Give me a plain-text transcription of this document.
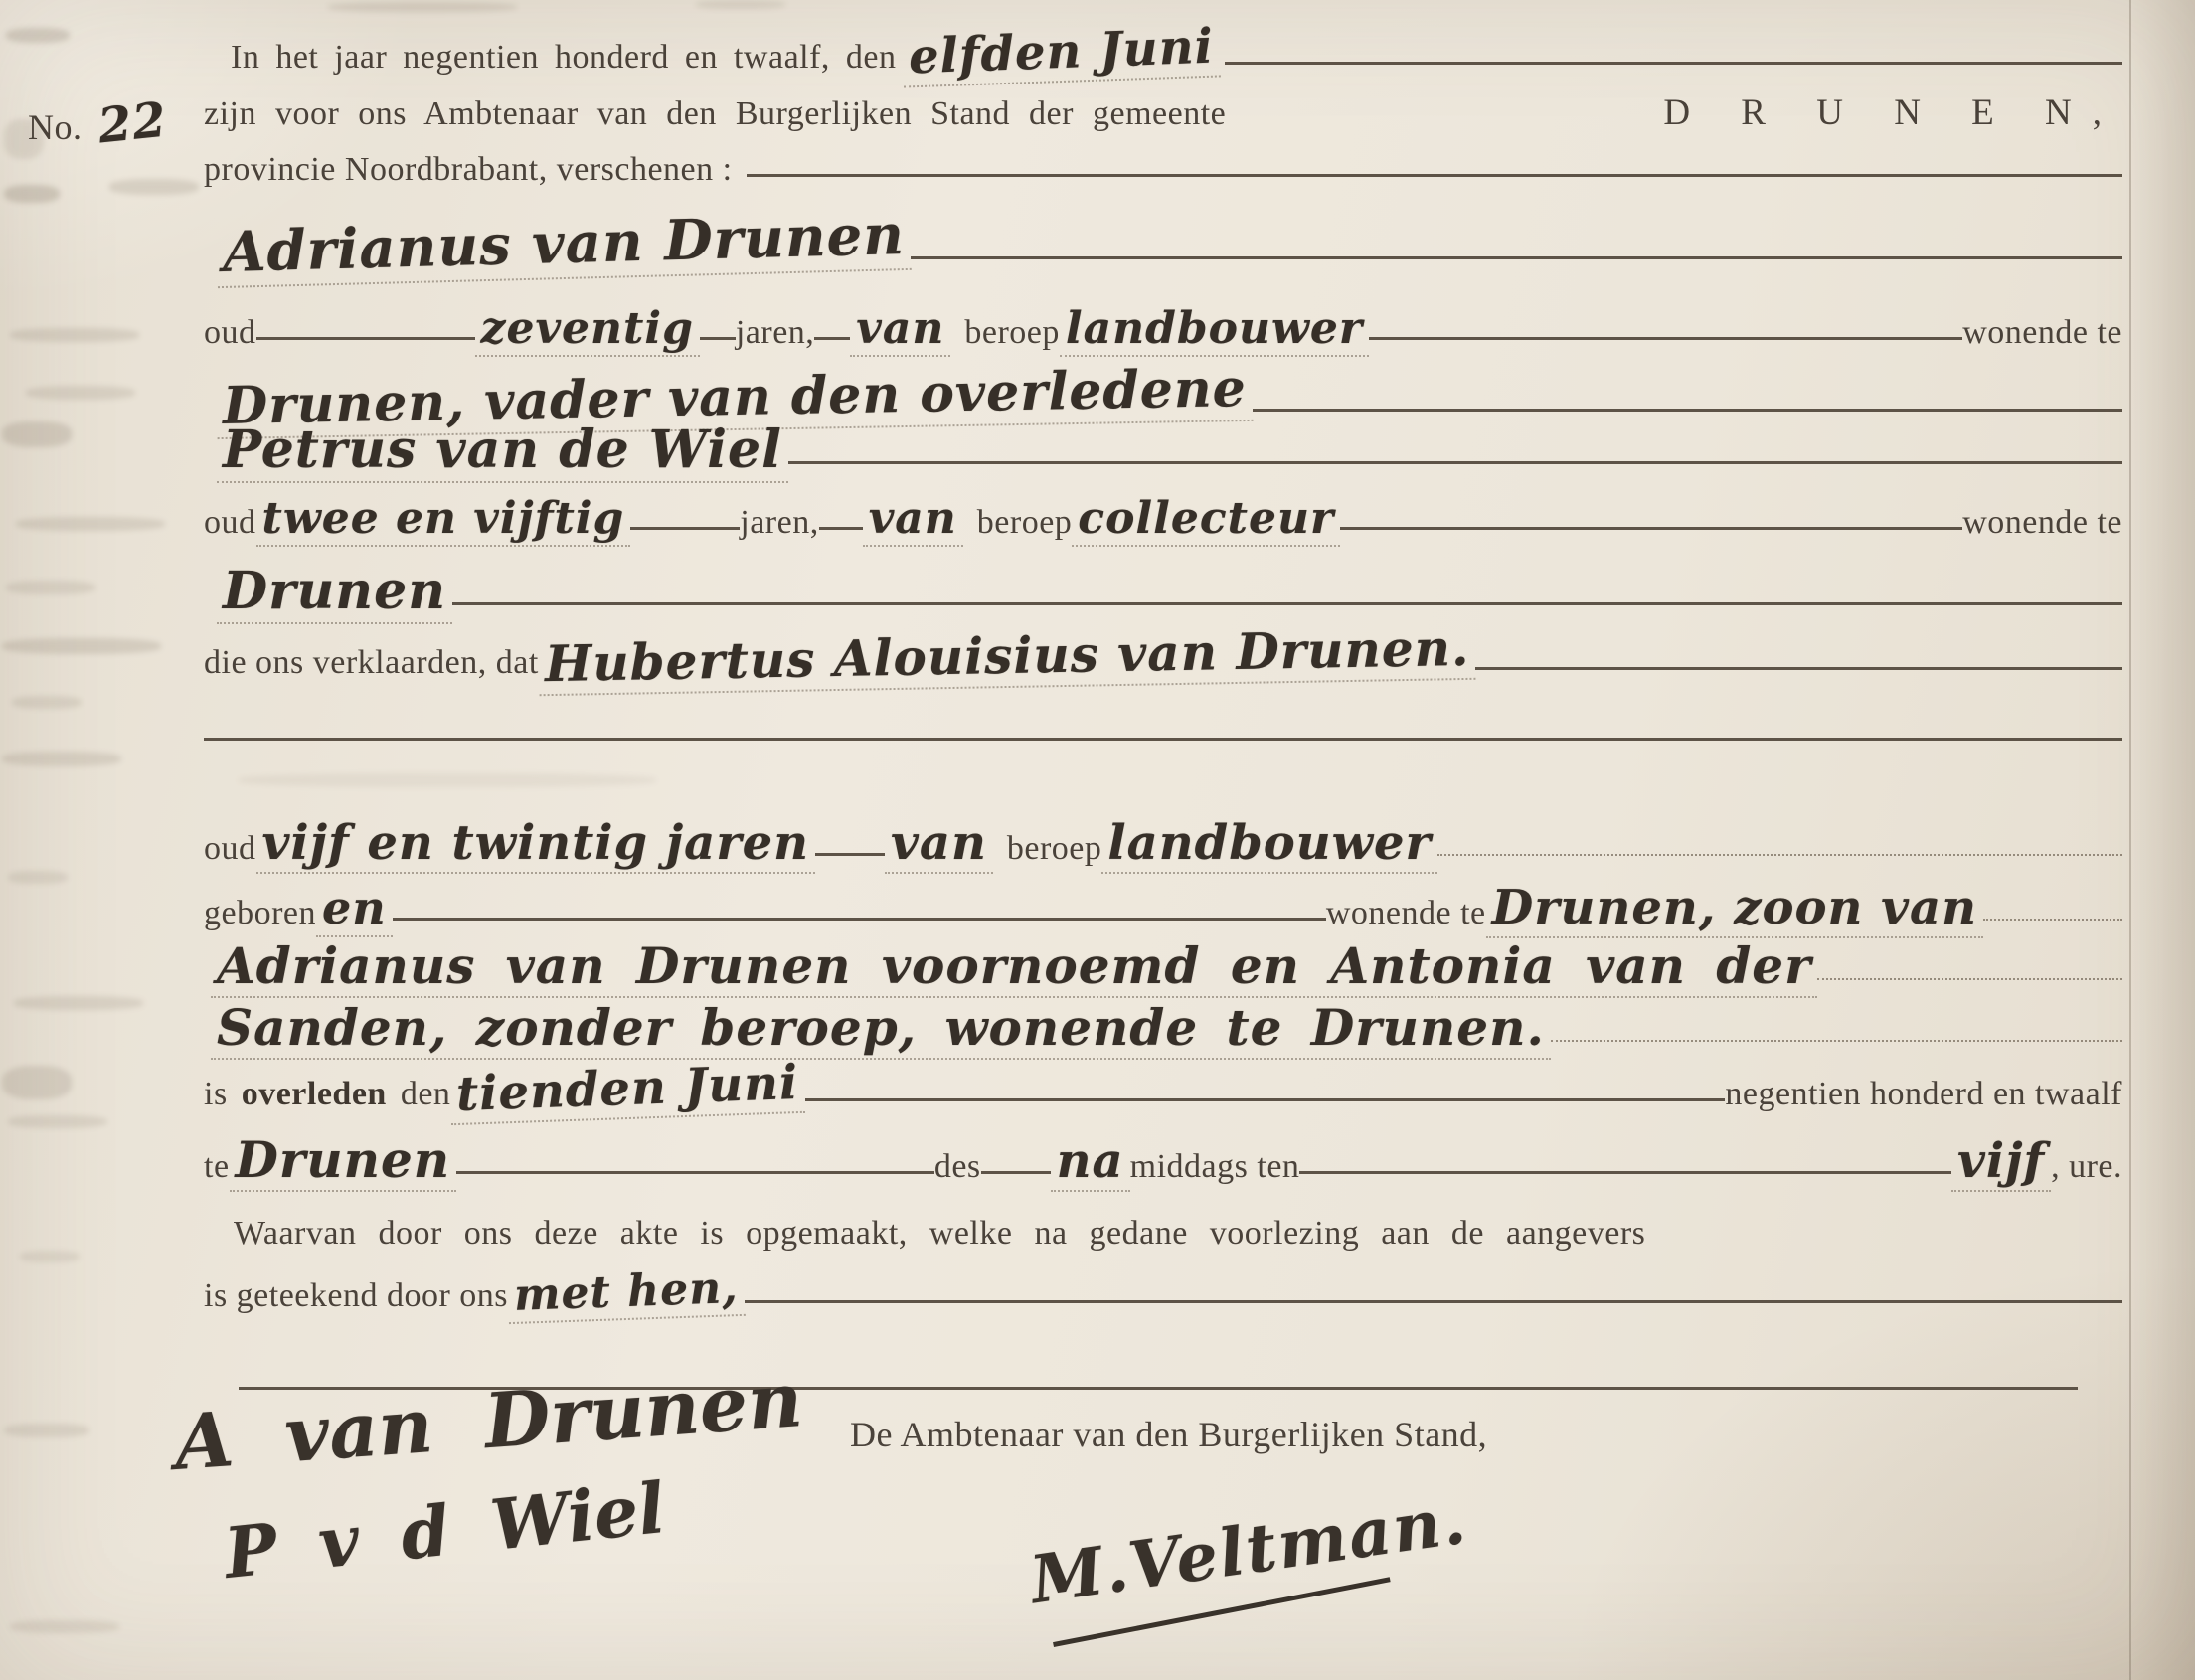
No. 22
In het jaar negentien honderd en twaalf, den elfden Juni
zijn voor ons Ambtenaar van den Burgerlijken Stand der gemeente	D R U N E N,
provincie Noordbrabant, verschenen :
Adrianus van Drunen
oud	zeventig jaren, van beroep landbouwer	wonende te
Drunen, vader van den overledene
Petrus van de Wiel
oud twee en vijftig	jaren, van beroep collecteur	wonende te
Drunen
die ons verklaarden, dat Hubertus Alouisius van Drunen.
oud vijf en twintig jaren van beroep landbouwer
geboren en	wonende te Drunen, zoon van
Adrianus van Drunen voornoemd en Antonia van der
Sanden, zonder beroep, wonende te Drunen.
is overleden den tienden Juni	negentien honderd en twaalf
te Drunen	des na middags ten	vijf , ure.
Waarvan door ons deze akte is opgemaakt, welke na gedane voorlezing aan de aangevers
is geteekend door ons met hen,
A van Drunen
P v d Wiel
De Ambtenaar van den Burgerlijken Stand,
M.Veltman.
